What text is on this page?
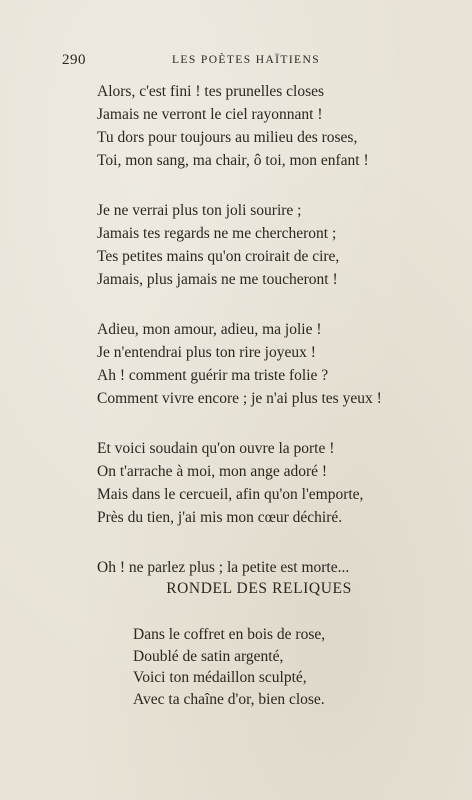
290	LES POÈTES HAÏTIENS
Alors, c'est fini ! tes prunelles closes
Jamais ne verront le ciel rayonnant !
Tu dors pour toujours au milieu des roses,
Toi, mon sang, ma chair, ô toi, mon enfant !
Je ne verrai plus ton joli sourire ;
Jamais tes regards ne me chercheront ;
Tes petites mains qu'on croirait de cire,
Jamais, plus jamais ne me toucheront !
Adieu, mon amour, adieu, ma jolie !
Je n'entendrai plus ton rire joyeux !
Ah ! comment guérir ma triste folie ?
Comment vivre encore ; je n'ai plus tes yeux !
Et voici soudain qu'on ouvre la porte !
On t'arrache à moi, mon ange adoré !
Mais dans le cercueil, afin qu'on l'emporte,
Près du tien, j'ai mis mon cœur déchiré.
Oh ! ne parlez plus ; la petite est morte...
RONDEL DES RELIQUES
Dans le coffret en bois de rose,
Doublé de satin argenté,
Voici ton médaillon sculpté,
Avec ta chaîne d'or, bien close.
